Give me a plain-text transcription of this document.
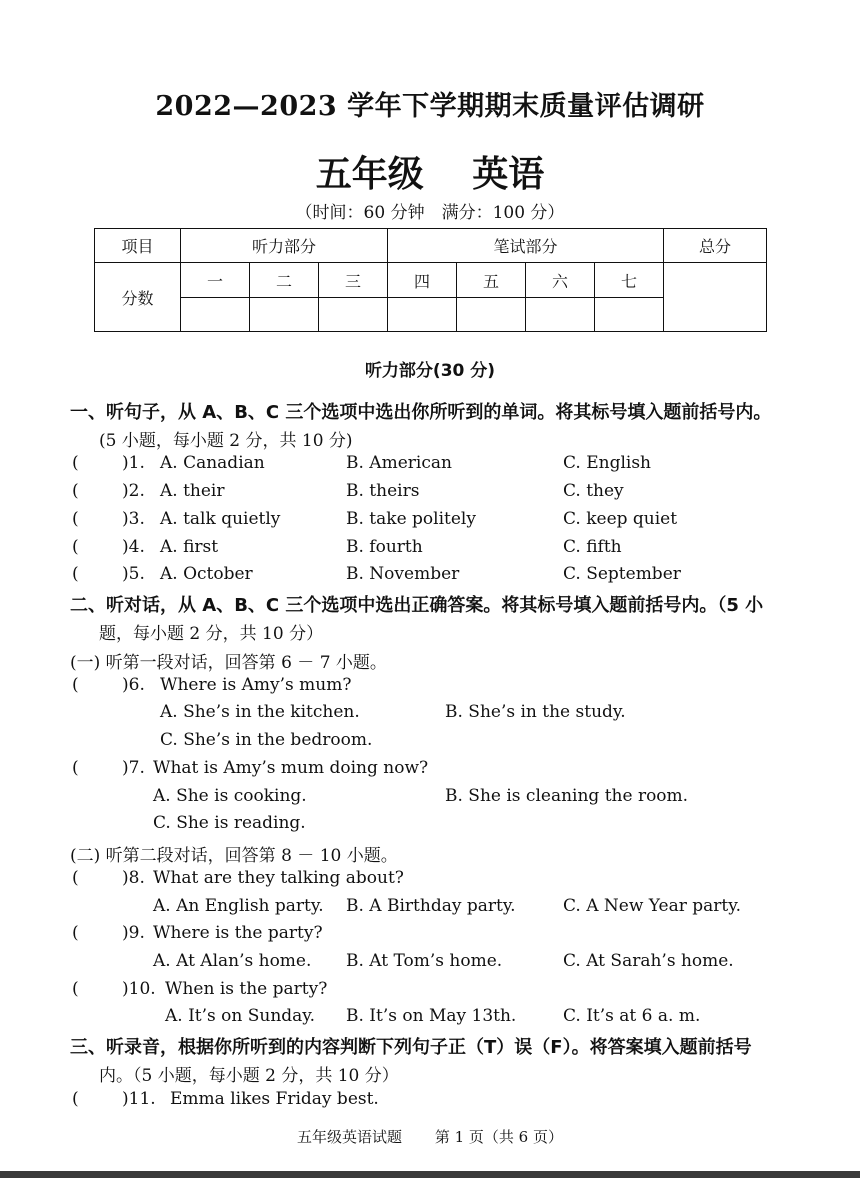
2022—2023 学年下学期期末质量评估调研
五年级 英语
（时间：60 分钟　满分：100 分）
项目	听力部分			笔试部分				总分
分数	一	二	三	四	五	六	七	

听力部分(30 分)
一、听句子，从 A、B、C 三个选项中选出你所听到的单词。将其标号填入题前括号内。
(5 小题，每小题 2 分，共 10 分)
(	)1. A. Canadian	B. American	C. English
(	)2. A. their	B. theirs	C. they
(	)3. A. talk quietly	B. take politely	C. keep quiet
(	)4. A. first	B. fourth	C. fifth
(	)5. A. October	B. November	C. September
二、听对话，从 A、B、C 三个选项中选出正确答案。将其标号填入题前括号内。（5 小
题，每小题 2 分，共 10 分）
(一) 听第一段对话，回答第 6 － 7 小题。
(	)6. Where is Amy’s mum?
A. She’s in the kitchen.	B. She’s in the study.
C. She’s in the bedroom.
(	)7. What is Amy’s mum doing now?
A. She is cooking.	B. She is cleaning the room.
C. She is reading.
(二) 听第二段对话，回答第 8 － 10 小题。
(	)8. What are they talking about?
A. An English party. B. A Birthday party.	C. A New Year party.
(	)9. Where is the party?
A. At Alan’s home. B. At Tom’s home.	C. At Sarah’s home.
(	)10. When is the party?
A. It’s on Sunday. B. It’s on May 13th.	C. It’s at 6 a. m.
三、听录音，根据你所听到的内容判断下列句子正（T）误（F）。将答案填入题前括号
内。（5 小题，每小题 2 分，共 10 分）
(	)11. Emma likes Friday best.
五年级英语试题 第 1 页（共 6 页）
